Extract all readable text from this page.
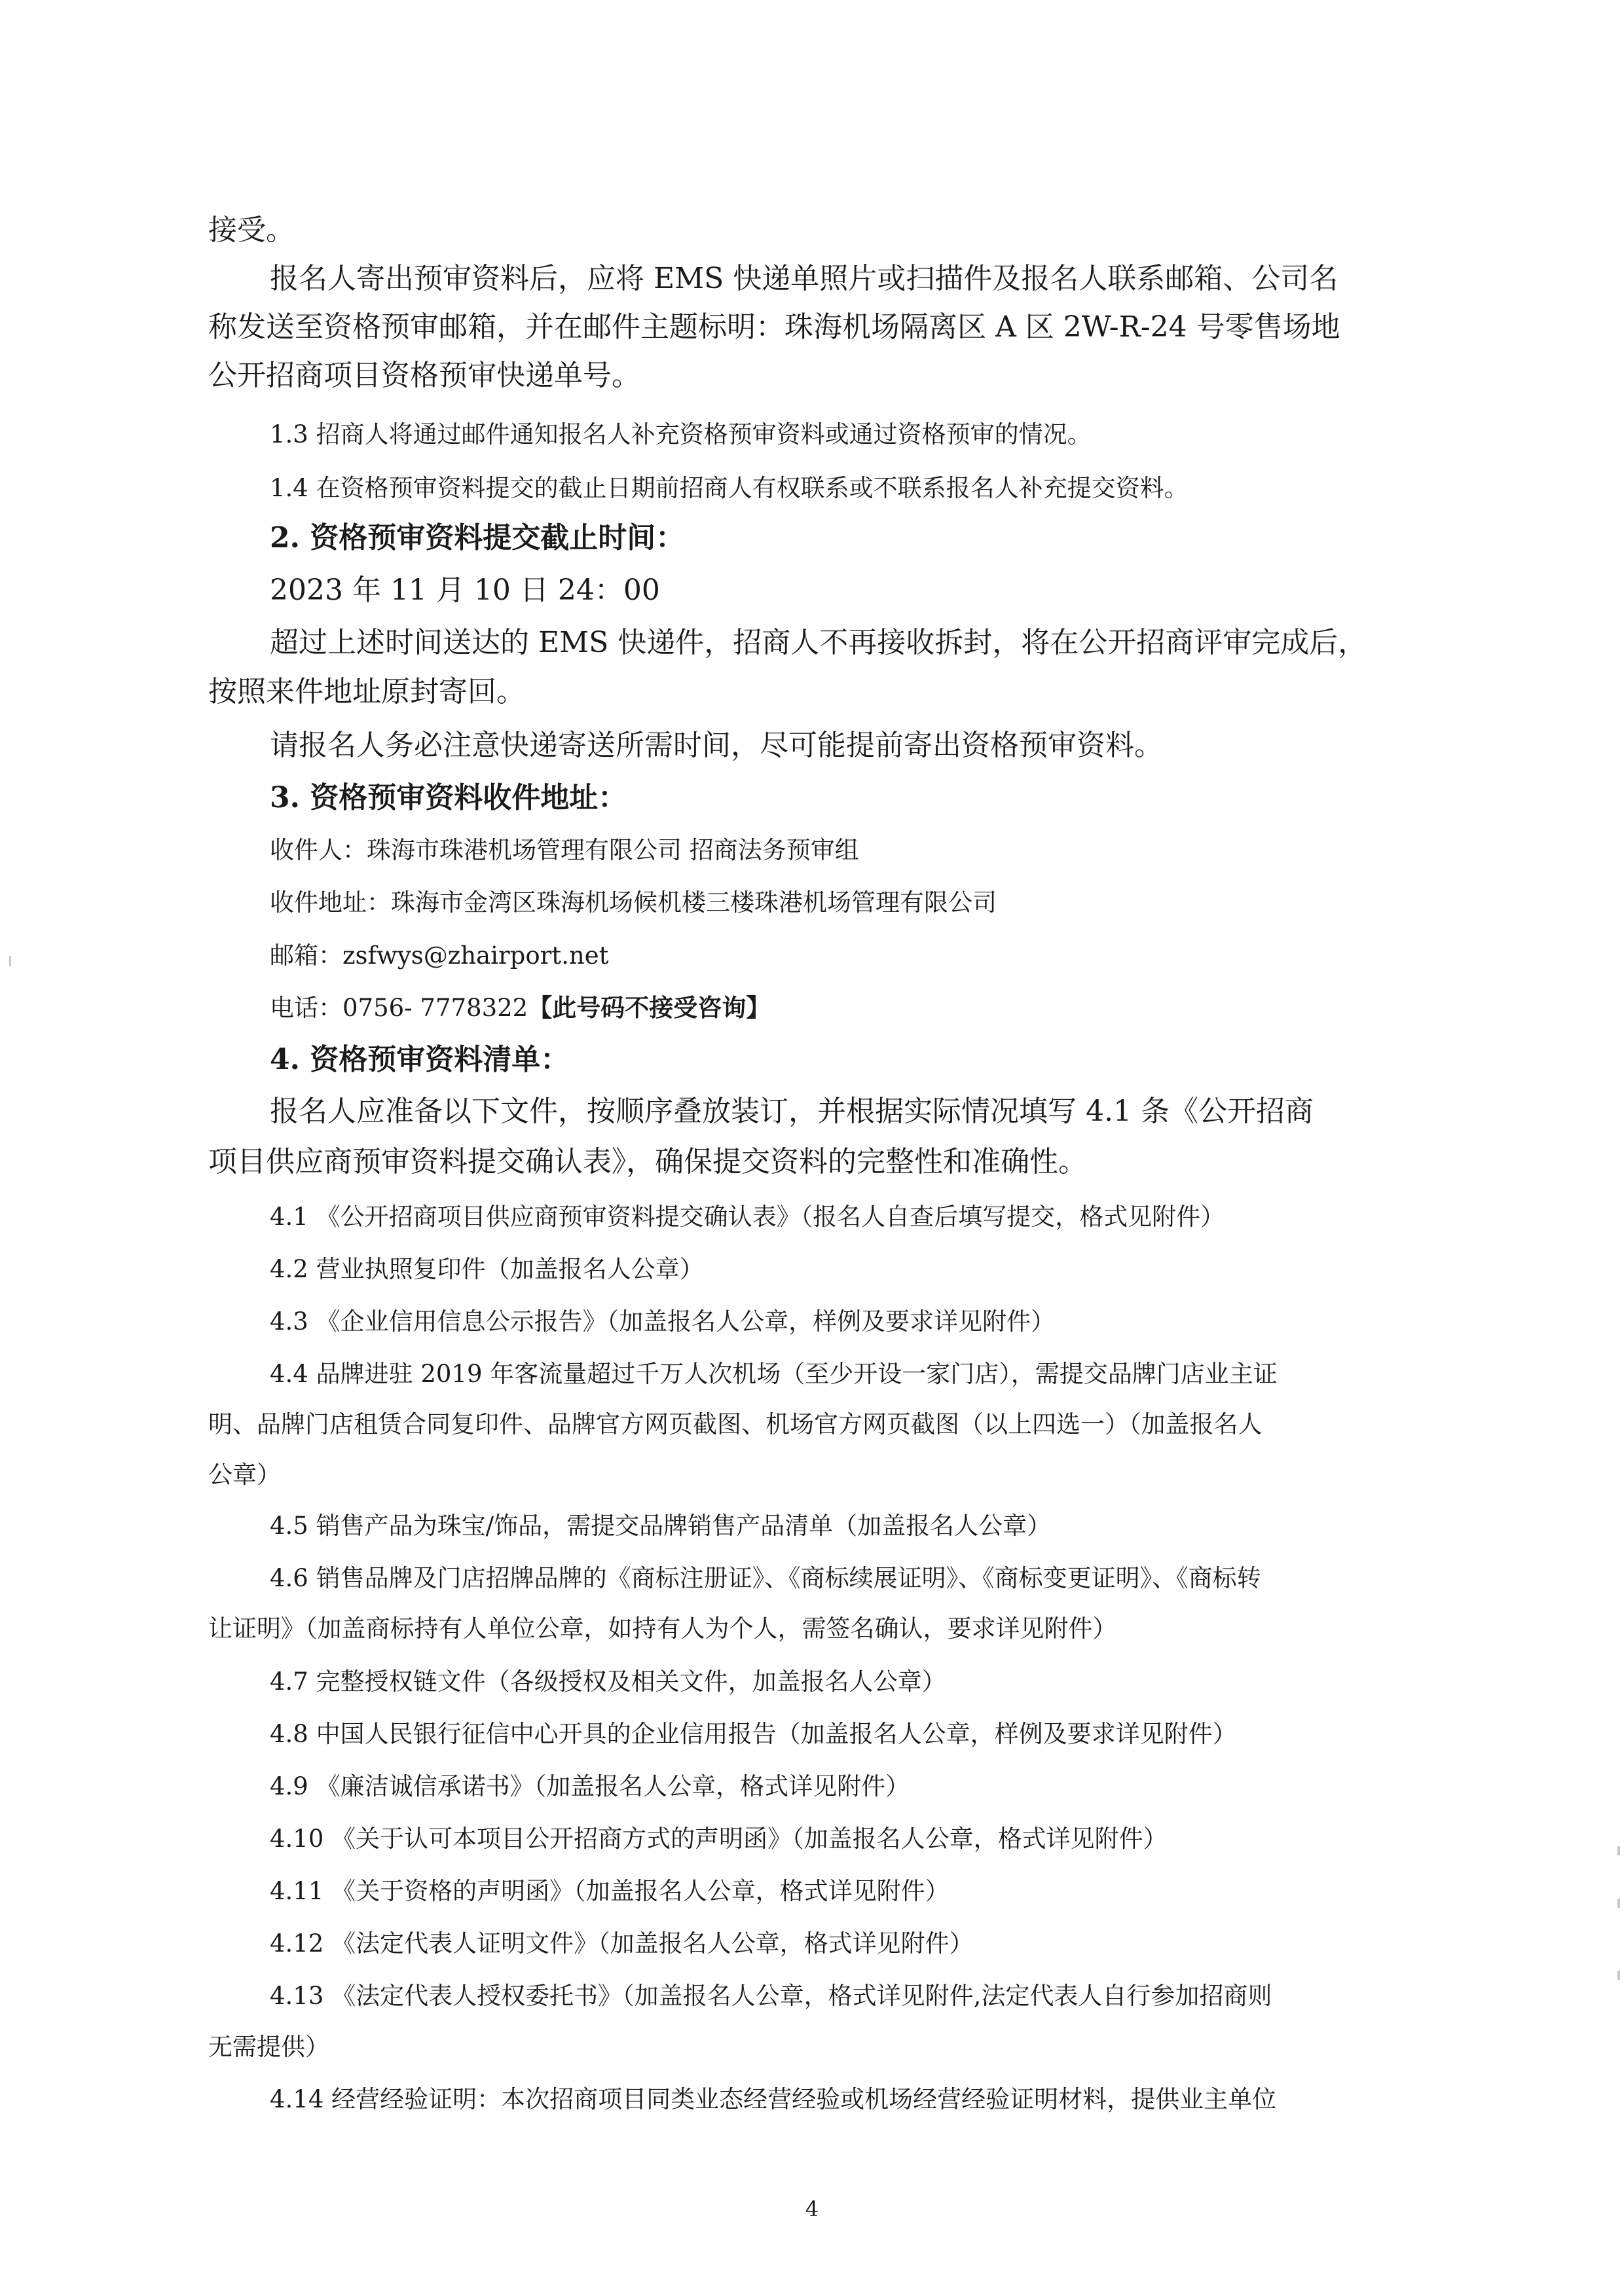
接受。
报名人寄出预审资料后，应将 EMS 快递单照片或扫描件及报名人联系邮箱、公司名
称发送至资格预审邮箱，并在邮件主题标明：珠海机场隔离区 A 区 2W-R-24 号零售场地
公开招商项目资格预审快递单号。
1.3 招商人将通过邮件通知报名人补充资格预审资料或通过资格预审的情况。
1.4 在资格预审资料提交的截止日期前招商人有权联系或不联系报名人补充提交资料。
2. 资格预审资料提交截止时间：
2023 年 11 月 10 日 24：00
超过上述时间送达的 EMS 快递件，招商人不再接收拆封，将在公开招商评审完成后，
按照来件地址原封寄回。
请报名人务必注意快递寄送所需时间，尽可能提前寄出资格预审资料。
3. 资格预审资料收件地址：
收件人：珠海市珠港机场管理有限公司 招商法务预审组
收件地址：珠海市金湾区珠海机场候机楼三楼珠港机场管理有限公司
邮箱：zsfwys@zhairport.net
电话：0756- 7778322【此号码不接受咨询】
4. 资格预审资料清单：
报名人应准备以下文件，按顺序叠放装订，并根据实际情况填写 4.1 条《公开招商
项目供应商预审资料提交确认表》，确保提交资料的完整性和准确性。
4.1 《公开招商项目供应商预审资料提交确认表》（报名人自查后填写提交，格式见附件）
4.2 营业执照复印件（加盖报名人公章）
4.3 《企业信用信息公示报告》（加盖报名人公章，样例及要求详见附件）
4.4 品牌进驻 2019 年客流量超过千万人次机场（至少开设一家门店），需提交品牌门店业主证
明、品牌门店租赁合同复印件、品牌官方网页截图、机场官方网页截图（以上四选一）（加盖报名人
公章）
4.5 销售产品为珠宝/饰品，需提交品牌销售产品清单（加盖报名人公章）
4.6 销售品牌及门店招牌品牌的《商标注册证》、《商标续展证明》、《商标变更证明》、《商标转
让证明》（加盖商标持有人单位公章，如持有人为个人，需签名确认，要求详见附件）
4.7 完整授权链文件（各级授权及相关文件，加盖报名人公章）
4.8 中国人民银行征信中心开具的企业信用报告（加盖报名人公章，样例及要求详见附件）
4.9 《廉洁诚信承诺书》（加盖报名人公章，格式详见附件）
4.10 《关于认可本项目公开招商方式的声明函》（加盖报名人公章，格式详见附件）
4.11 《关于资格的声明函》（加盖报名人公章，格式详见附件）
4.12 《法定代表人证明文件》（加盖报名人公章，格式详见附件）
4.13 《法定代表人授权委托书》（加盖报名人公章，格式详见附件,法定代表人自行参加招商则
无需提供）
4.14 经营经验证明：本次招商项目同类业态经营经验或机场经营经验证明材料，提供业主单位
4
